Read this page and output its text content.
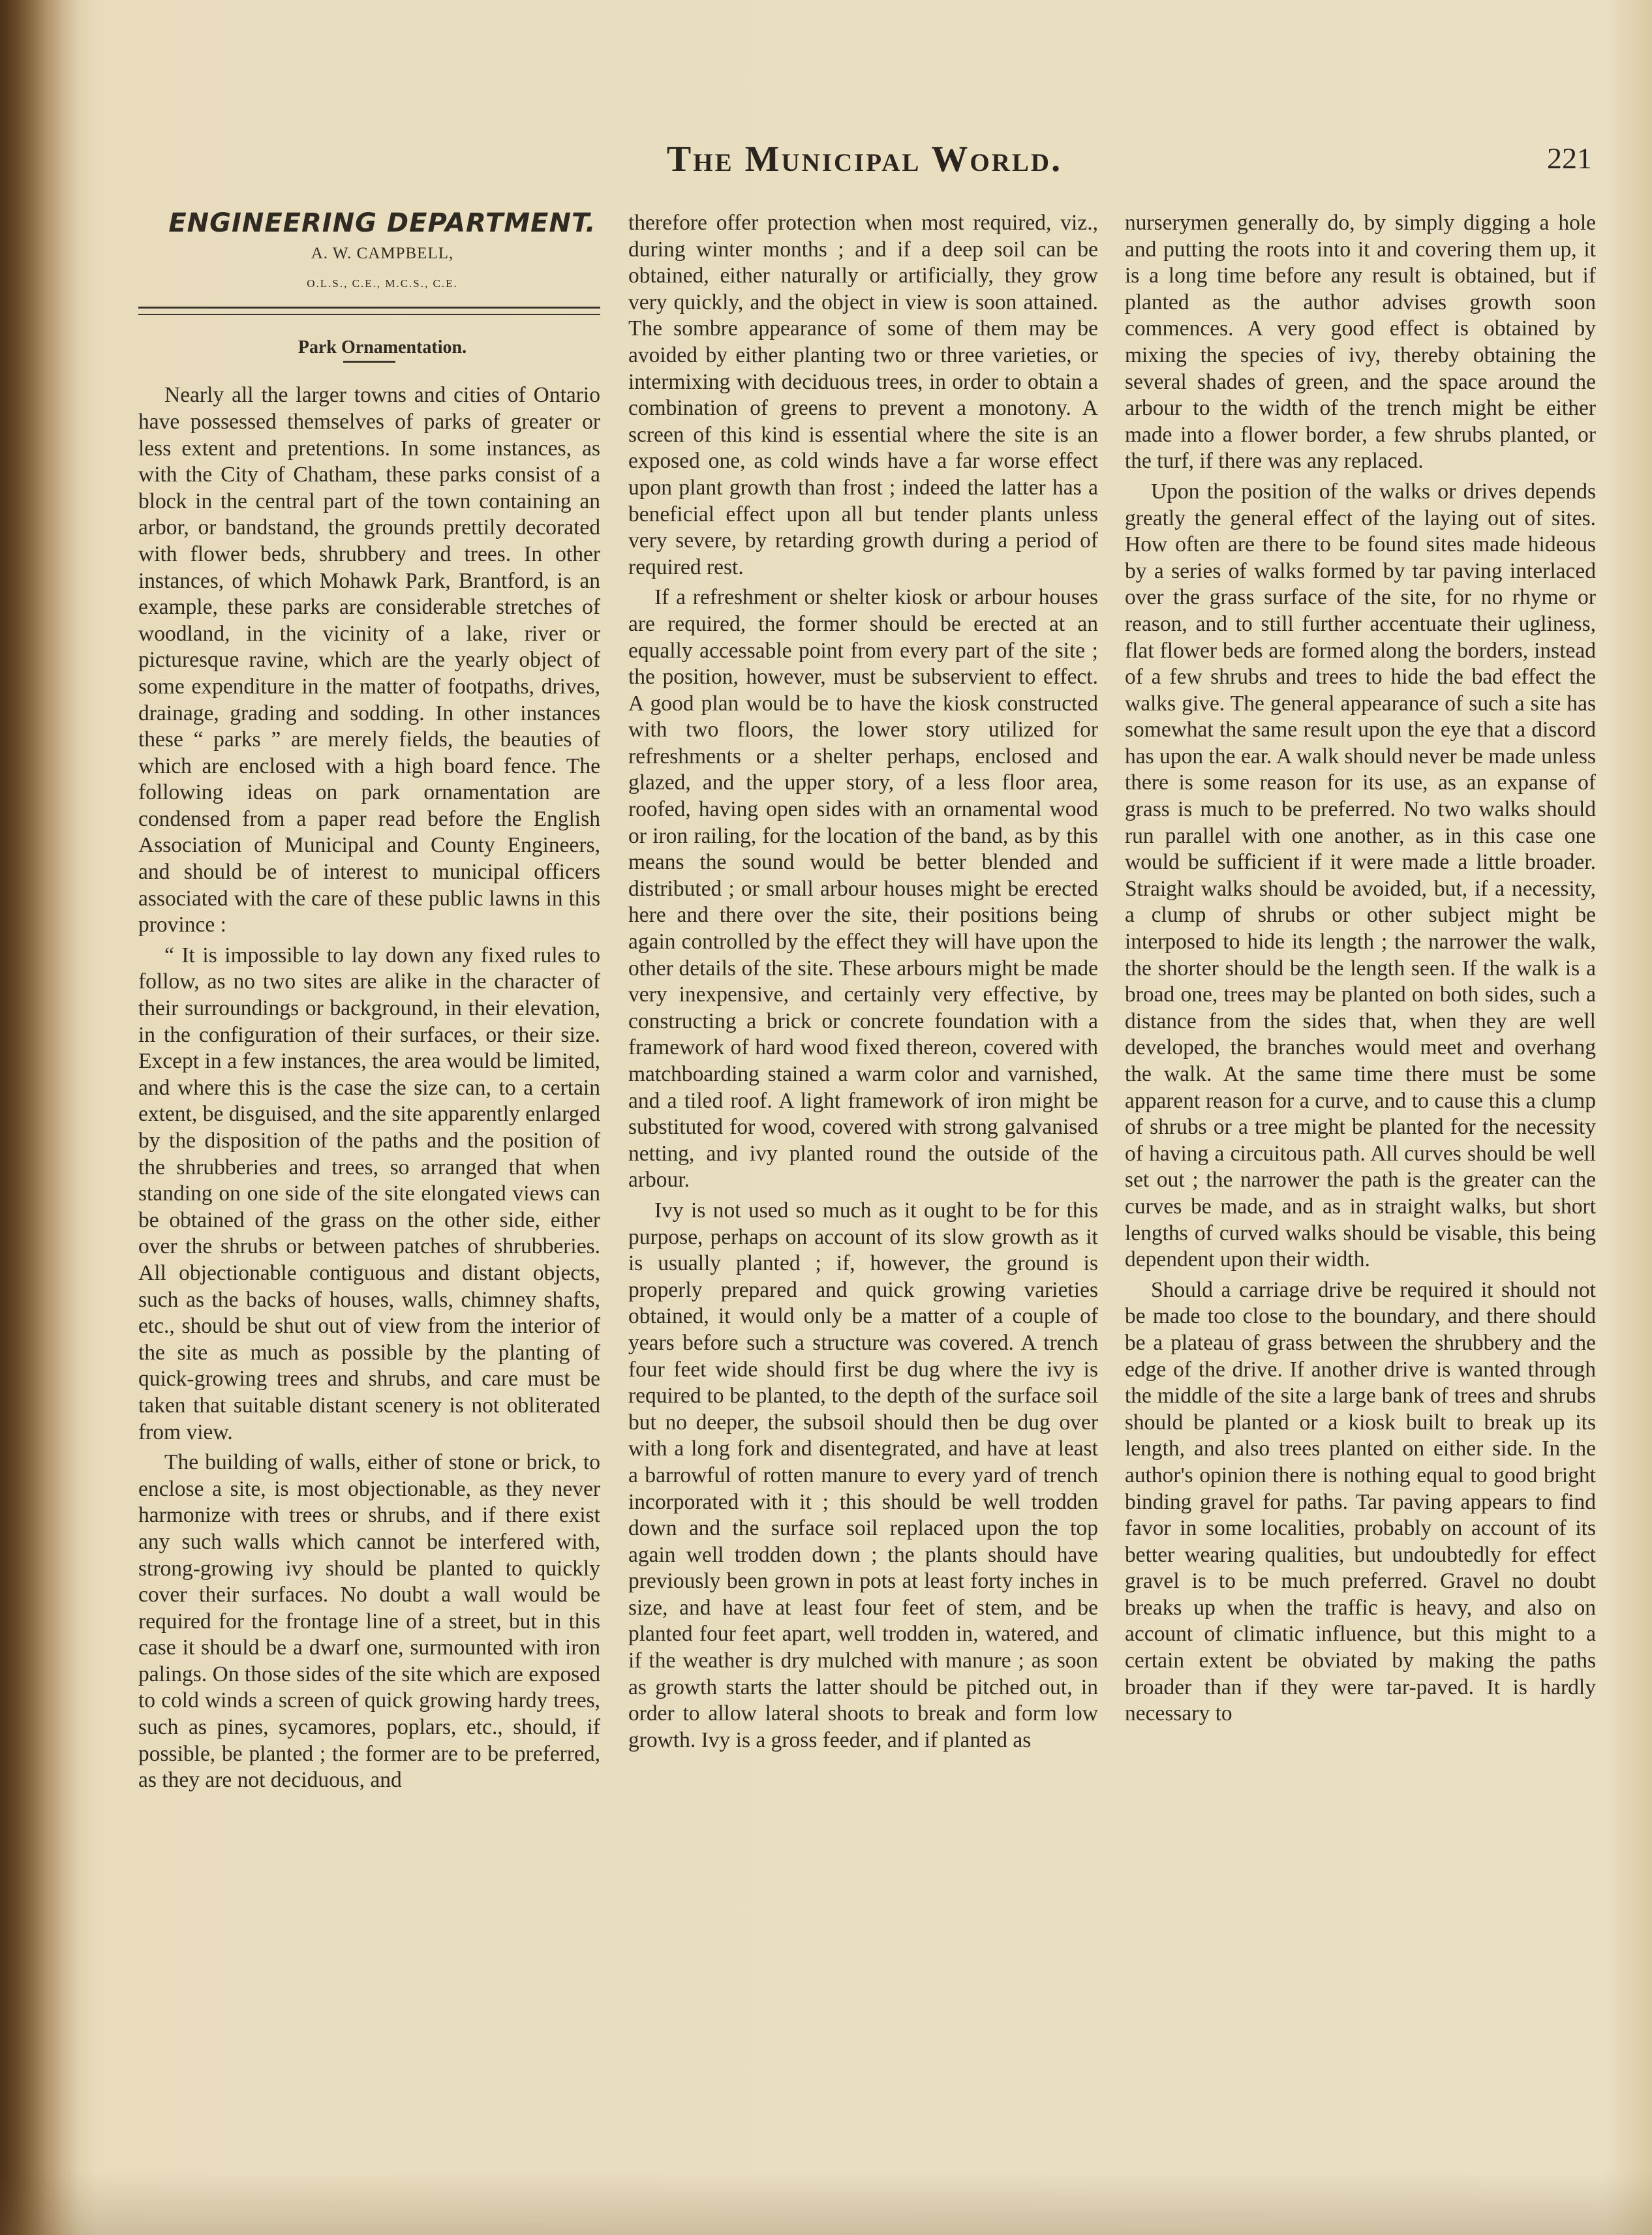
The Municipal World.	221

ENGINEERING DEPARTMENT.

A. W. CAMPBELL,

O.L.S., C.E., M.C.S., C.E.

Park Ornamentation.

Nearly all the larger towns and cities of Ontario have possessed themselves of parks of greater or less extent and pretentions. In some instances, as with the City of Chatham, these parks consist of a block in the central part of the town containing an arbor, or bandstand, the grounds prettily decorated with flower beds, shrubbery and trees. In other instances, of which Mohawk Park, Brantford, is an example, these parks are considerable stretches of woodland, in the vicinity of a lake, river or picturesque ravine, which are the yearly object of some expenditure in the matter of footpaths, drives, drainage, grading and sodding. In other instances these “ parks ” are merely fields, the beauties of which are enclosed with a high board fence. The following ideas on park ornamentation are condensed from a paper read before the English Association of Municipal and County Engineers, and should be of interest to municipal officers associated with the care of these public lawns in this province :

“ It is impossible to lay down any fixed rules to follow, as no two sites are alike in the character of their surroundings or background, in their elevation, in the configuration of their surfaces, or their size. Except in a few instances, the area would be limited, and where this is the case the size can, to a certain extent, be disguised, and the site apparently enlarged by the disposition of the paths and the position of the shrubberies and trees, so arranged that when standing on one side of the site elongated views can be obtained of the grass on the other side, either over the shrubs or between patches of shrubberies. All objectionable contiguous and distant objects, such as the backs of houses, walls, chimney shafts, etc., should be shut out of view from the interior of the site as much as possible by the planting of quick-growing trees and shrubs, and care must be taken that suitable distant scenery is not obliterated from view.

The building of walls, either of stone or brick, to enclose a site, is most objectionable, as they never harmonize with trees or shrubs, and if there exist any such walls which cannot be interfered with, strong-growing ivy should be planted to quickly cover their surfaces. No doubt a wall would be required for the frontage line of a street, but in this case it should be a dwarf one, surmounted with iron palings. On those sides of the site which are exposed to cold winds a screen of quick growing hardy trees, such as pines, sycamores, poplars, etc., should, if possible, be planted ; the former are to be preferred, as they are not deciduous, and

therefore offer protection when most required, viz., during winter months ; and if a deep soil can be obtained, either naturally or artificially, they grow very quickly, and the object in view is soon attained. The sombre appearance of some of them may be avoided by either planting two or three varieties, or intermixing with deciduous trees, in order to obtain a combination of greens to prevent a monotony. A screen of this kind is essential where the site is an exposed one, as cold winds have a far worse effect upon plant growth than frost ; indeed the latter has a beneficial effect upon all but tender plants unless very severe, by retarding growth during a period of required rest.

If a refreshment or shelter kiosk or arbour houses are required, the former should be erected at an equally accessable point from every part of the site ; the position, however, must be subservient to effect. A good plan would be to have the kiosk constructed with two floors, the lower story utilized for refreshments or a shelter perhaps, enclosed and glazed, and the upper story, of a less floor area, roofed, having open sides with an ornamental wood or iron railing, for the location of the band, as by this means the sound would be better blended and distributed ; or small arbour houses might be erected here and there over the site, their positions being again controlled by the effect they will have upon the other details of the site. These arbours might be made very inexpensive, and certainly very effective, by constructing a brick or concrete foundation with a framework of hard wood fixed thereon, covered with matchboarding stained a warm color and varnished, and a tiled roof. A light framework of iron might be substituted for wood, covered with strong galvanised netting, and ivy planted round the outside of the arbour.

Ivy is not used so much as it ought to be for this purpose, perhaps on account of its slow growth as it is usually planted ; if, however, the ground is properly prepared and quick growing varieties obtained, it would only be a matter of a couple of years before such a structure was covered. A trench four feet wide should first be dug where the ivy is required to be planted, to the depth of the surface soil but no deeper, the subsoil should then be dug over with a long fork and disentegrated, and have at least a barrowful of rotten manure to every yard of trench incorporated with it ; this should be well trodden down and the surface soil replaced upon the top again well trodden down ; the plants should have previously been grown in pots at least forty inches in size, and have at least four feet of stem, and be planted four feet apart, well trodden in, watered, and if the weather is dry mulched with manure ; as soon as growth starts the latter should be pitched out, in order to allow lateral shoots to break and form low growth. Ivy is a gross feeder, and if planted as

nurserymen generally do, by simply digging a hole and putting the roots into it and covering them up, it is a long time before any result is obtained, but if planted as the author advises growth soon commences. A very good effect is obtained by mixing the species of ivy, thereby obtaining the several shades of green, and the space around the arbour to the width of the trench might be either made into a flower border, a few shrubs planted, or the turf, if there was any replaced.

Upon the position of the walks or drives depends greatly the general effect of the laying out of sites. How often are there to be found sites made hideous by a series of walks formed by tar paving interlaced over the grass surface of the site, for no rhyme or reason, and to still further accentuate their ugliness, flat flower beds are formed along the borders, instead of a few shrubs and trees to hide the bad effect the walks give. The general appearance of such a site has somewhat the same result upon the eye that a discord has upon the ear. A walk should never be made unless there is some reason for its use, as an expanse of grass is much to be preferred. No two walks should run parallel with one another, as in this case one would be sufficient if it were made a little broader. Straight walks should be avoided, but, if a necessity, a clump of shrubs or other subject might be interposed to hide its length ; the narrower the walk, the shorter should be the length seen. If the walk is a broad one, trees may be planted on both sides, such a distance from the sides that, when they are well developed, the branches would meet and overhang the walk. At the same time there must be some apparent reason for a curve, and to cause this a clump of shrubs or a tree might be planted for the necessity of having a circuitous path. All curves should be well set out ; the narrower the path is the greater can the curves be made, and as in straight walks, but short lengths of curved walks should be visable, this being dependent upon their width.

Should a carriage drive be required it should not be made too close to the boundary, and there should be a plateau of grass between the shrubbery and the edge of the drive. If another drive is wanted through the middle of the site a large bank of trees and shrubs should be planted or a kiosk built to break up its length, and also trees planted on either side. In the author's opinion there is nothing equal to good bright binding gravel for paths. Tar paving appears to find favor in some localities, probably on account of its better wearing qualities, but undoubtedly for effect gravel is to be much preferred. Gravel no doubt breaks up when the traffic is heavy, and also on account of climatic influence, but this might to a certain extent be obviated by making the paths broader than if they were tar-paved. It is hardly necessary to
